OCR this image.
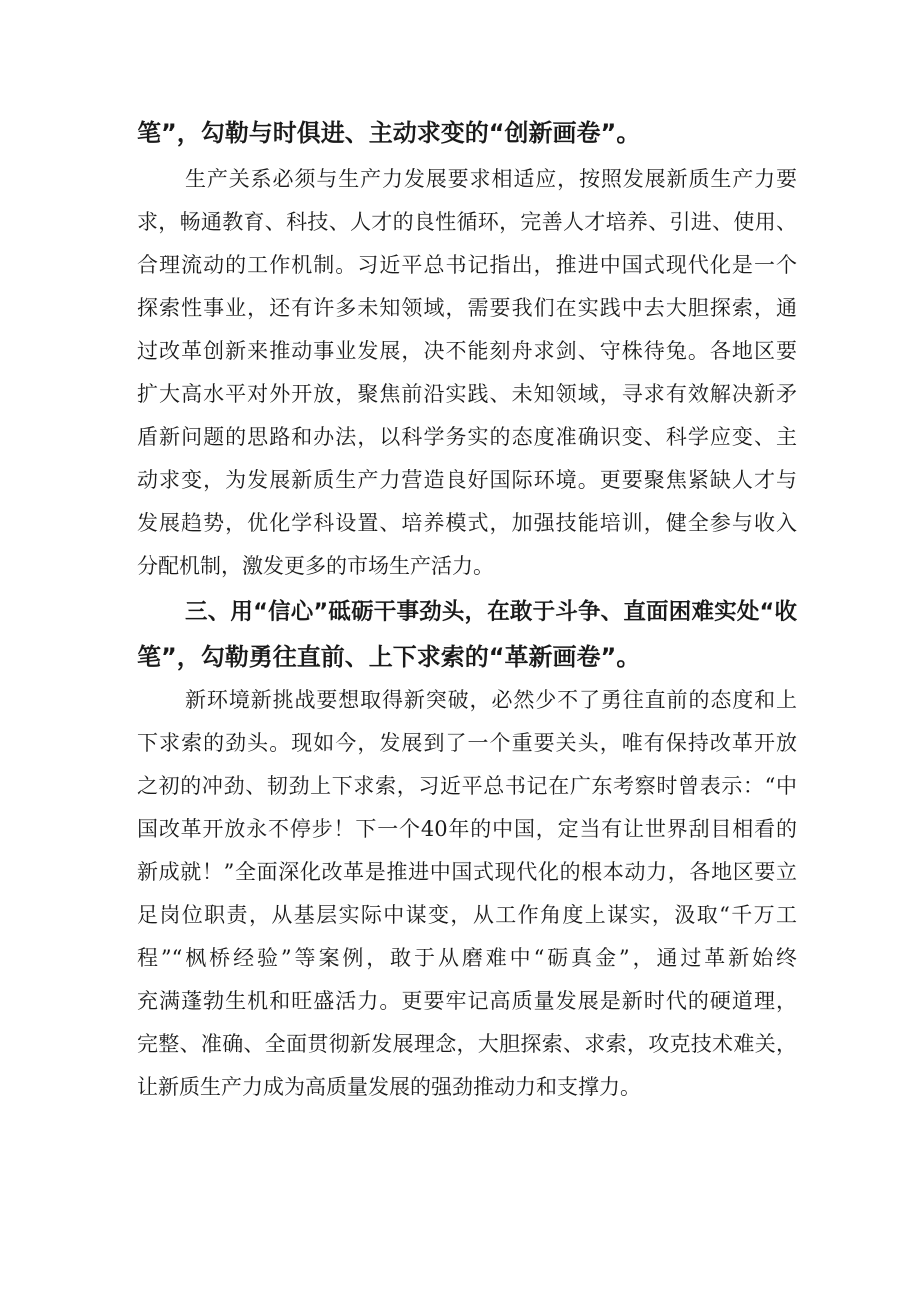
笔”，勾勒与时俱进、主动求变的“创新画卷”。
生产关系必须与生产力发展要求相适应，按照发展新质生产力要
求，畅通教育、科技、人才的良性循环，完善人才培养、引进、使用、
合理流动的工作机制。习近平总书记指出，推进中国式现代化是一个
探索性事业，还有许多未知领域，需要我们在实践中去大胆探索，通
过改革创新来推动事业发展，决不能刻舟求剑、守株待兔。各地区要
扩大高水平对外开放，聚焦前沿实践、未知领域，寻求有效解决新矛
盾新问题的思路和办法，以科学务实的态度准确识变、科学应变、主
动求变，为发展新质生产力营造良好国际环境。更要聚焦紧缺人才与
发展趋势，优化学科设置、培养模式，加强技能培训，健全参与收入
分配机制，激发更多的市场生产活力。
三、用“信心”砥砺干事劲头，在敢于斗争、直面困难实处“收
笔”，勾勒勇往直前、上下求索的“革新画卷”。
新环境新挑战要想取得新突破，必然少不了勇往直前的态度和上
下求索的劲头。现如今，发展到了一个重要关头，唯有保持改革开放
之初的冲劲、韧劲上下求索，习近平总书记在广东考察时曾表示：“中
国改革开放永不停步！下一个40年的中国，定当有让世界刮目相看的
新成就！”全面深化改革是推进中国式现代化的根本动力，各地区要立
足岗位职责，从基层实际中谋变，从工作角度上谋实，汲取“千万工
程”“枫桥经验”等案例，敢于从磨难中“砺真金”，通过革新始终
充满蓬勃生机和旺盛活力。更要牢记高质量发展是新时代的硬道理，
完整、准确、全面贯彻新发展理念，大胆探索、求索，攻克技术难关，
让新质生产力成为高质量发展的强劲推动力和支撑力。
